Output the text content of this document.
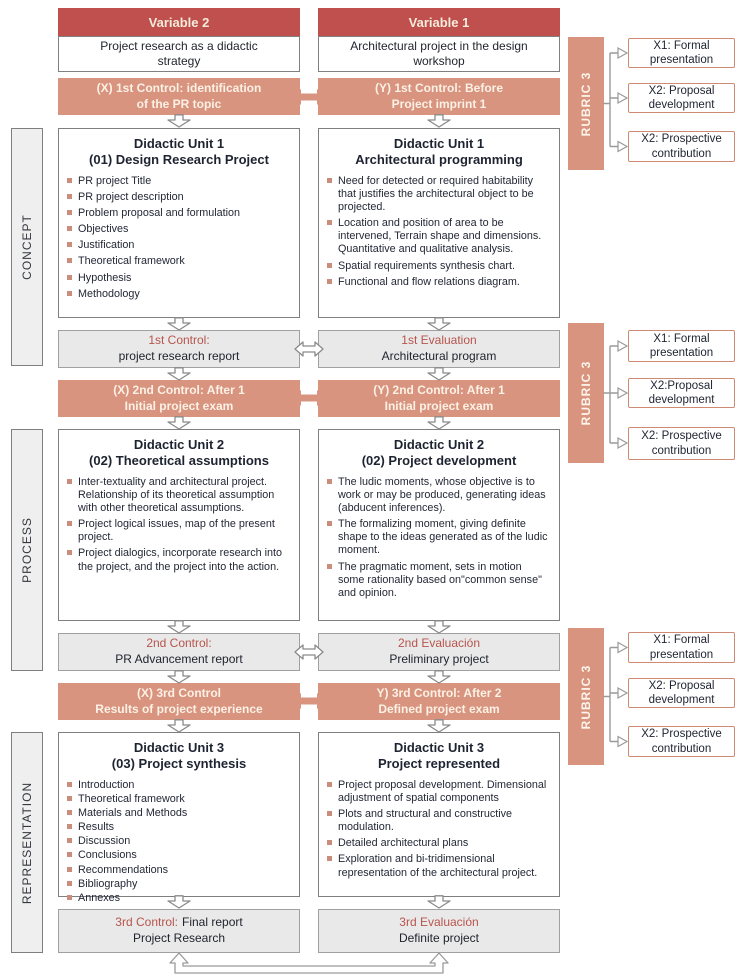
CONCEPT
PROCESS
REPRESENTATION
Variable 2
Project research as a didactic strategy
(X) 1st Control: identification
of the PR topic
Didactic Unit 1
(01) Design Research Project
PR project Title
PR project description
Problem proposal and formulation
Objectives
Justification
Theoretical framework
Hypothesis
Methodology
1st Control:
project research report
(X) 2nd Control: After 1
Initial project exam
Didactic Unit 2
(02) Theoretical assumptions
Inter-textuality and architectural project. Relationship of its theoretical assumption with other theoretical assumptions.
Project logical issues, map of the present project.
Project dialogics, incorporate research into the project, and the project into the action.
2nd Control:
PR Advancement report
(X) 3rd Control
Results of project experience
Didactic Unit 3
(03) Project synthesis
Introduction
Theoretical framework
Materials and Methods
Results
Discussion
Conclusions
Recommendations
Bibliography
Annexes
3rd Control: Final report
Project Research
Variable 1
Architectural project in the design workshop
(Y) 1st Control: Before
Project imprint 1
Didactic Unit 1
Architectural programming
Need for detected or required habitability that justifies the architectural object to be projected.
Location and position of area to be intervened, Terrain shape and dimensions. Quantitative and qualitative analysis.
Spatial requirements synthesis chart.
Functional and flow relations diagram.
1st Evaluation
Architectural program
(Y) 2nd Control: After 1
Initial project exam
Didactic Unit 2
(02) Project development
The ludic moments, whose objective is to work or may be produced, generating ideas (abducent inferences).
The formalizing moment, giving definite shape to the ideas generated as of the ludic moment.
The pragmatic moment, sets in motion some rationality based on"common sense" and opinion.
2nd Evaluación
Preliminary project
Y) 3rd Control: After 2
Defined project exam
Didactic Unit 3
Project represented
Project proposal development. Dimensional adjustment of spatial components
Plots and structural and constructive modulation.
Detailed architectural plans
Exploration and bi-tridimensional representation of the architectural project.
3rd Evaluación
Definite project
RUBRIC 3
X1: Formal presentation
X2: Proposal development
X2: Prospective contribution
RUBRIC 3
X1: Formal presentation
X2:Proposal development
X2: Prospective contribution
RUBRIC 3
X1: Formal presentation
X2: Proposal development
X2: Prospective contribution
